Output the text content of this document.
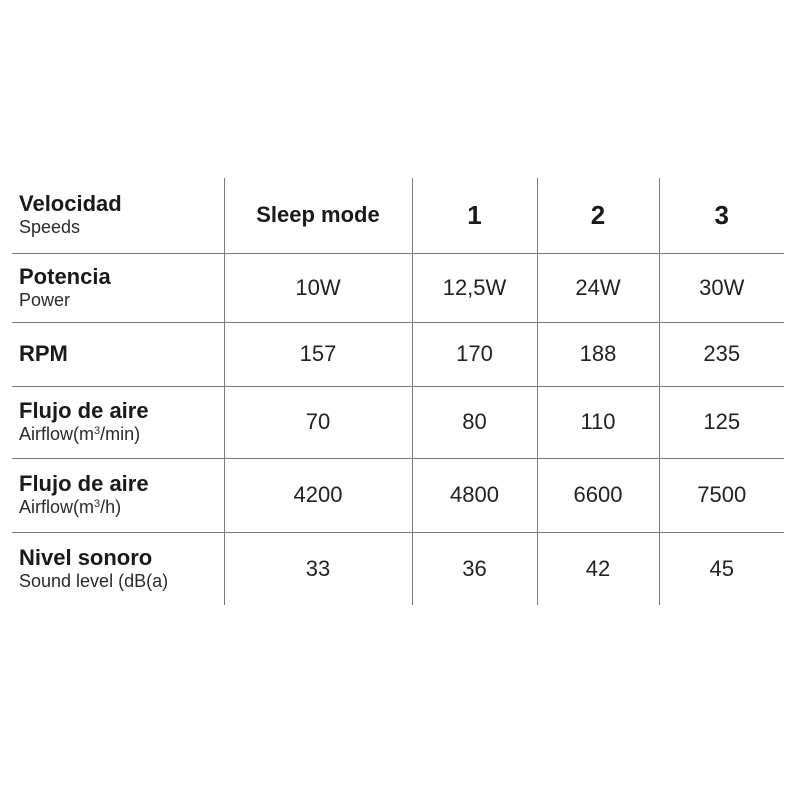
Velocidad
Speeds	Sleep mode	1	2	3

Potencia
Power	10W	12,5W	24W	30W

RPM	157	170	188	235

Flujo de aire
$Airflow(m^3/\min)$	70	80	110	125

Flujo de aire
$Airflow(m^3/h)$	4200	4800	6600	7500

Nivel sonoro
Sound level (dB(a)	33	36	42	45
